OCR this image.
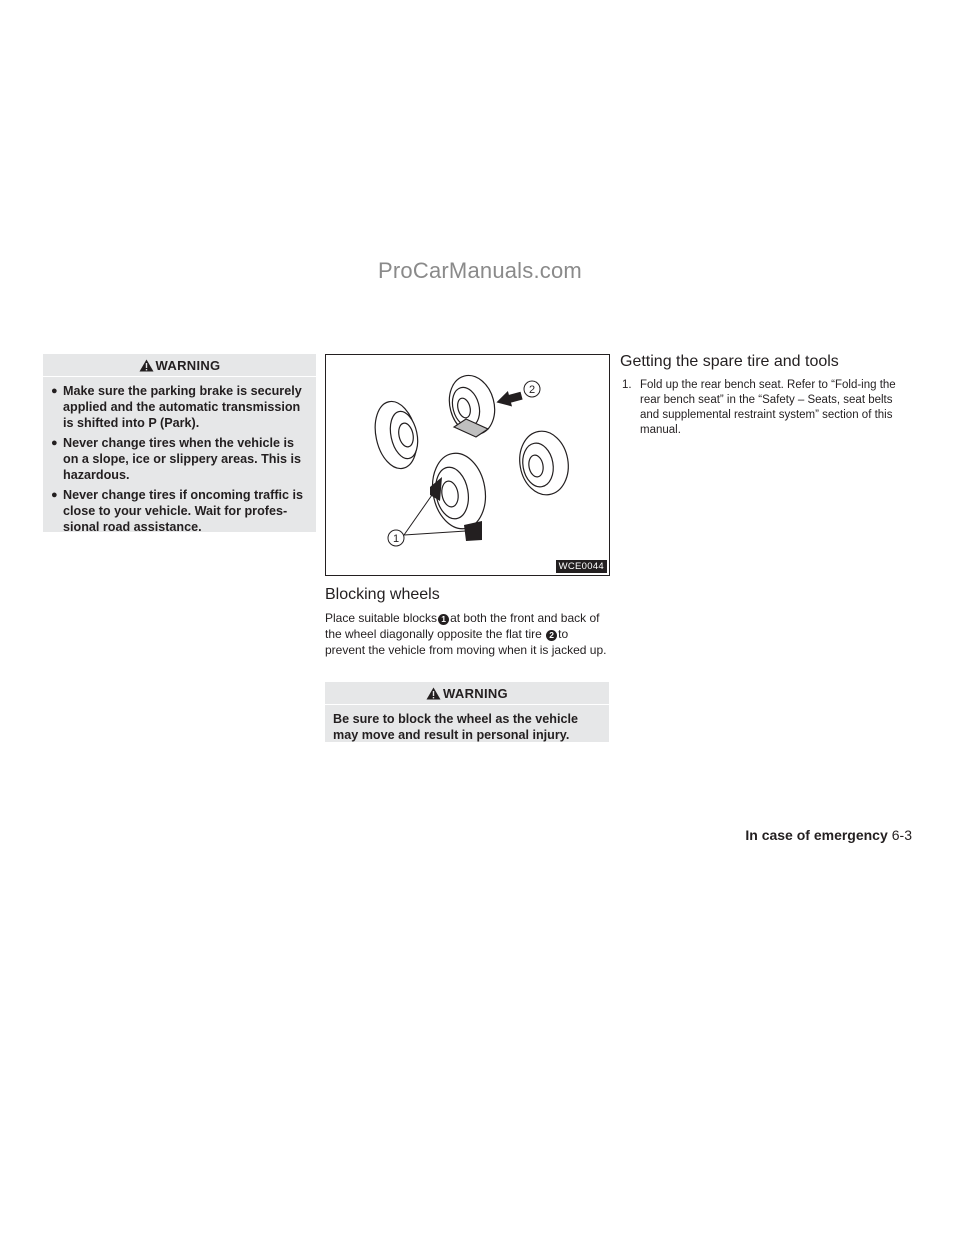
ProCarManuals.com
WARNING
● Make sure the parking brake is securely applied and the automatic transmission is shifted into P (Park).
● Never change tires when the vehicle is on a slope, ice or slippery areas. This is hazardous.
● Never change tires if oncoming traffic is close to your vehicle. Wait for profes-sional road assistance.
2
1
WCE0044
Blocking wheels
Place suitable blocks 1 at both the front and back of the wheel diagonally opposite the flat tire 2 to prevent the vehicle from moving when it is jacked up.
WARNING
Be sure to block the wheel as the vehicle may move and result in personal injury.
Getting the spare tire and tools
1. Fold up the rear bench seat. Refer to “Fold-ing the rear bench seat” in the “Safety – Seats, seat belts and supplemental restraint system” section of this manual.
In case of emergency 6-3
